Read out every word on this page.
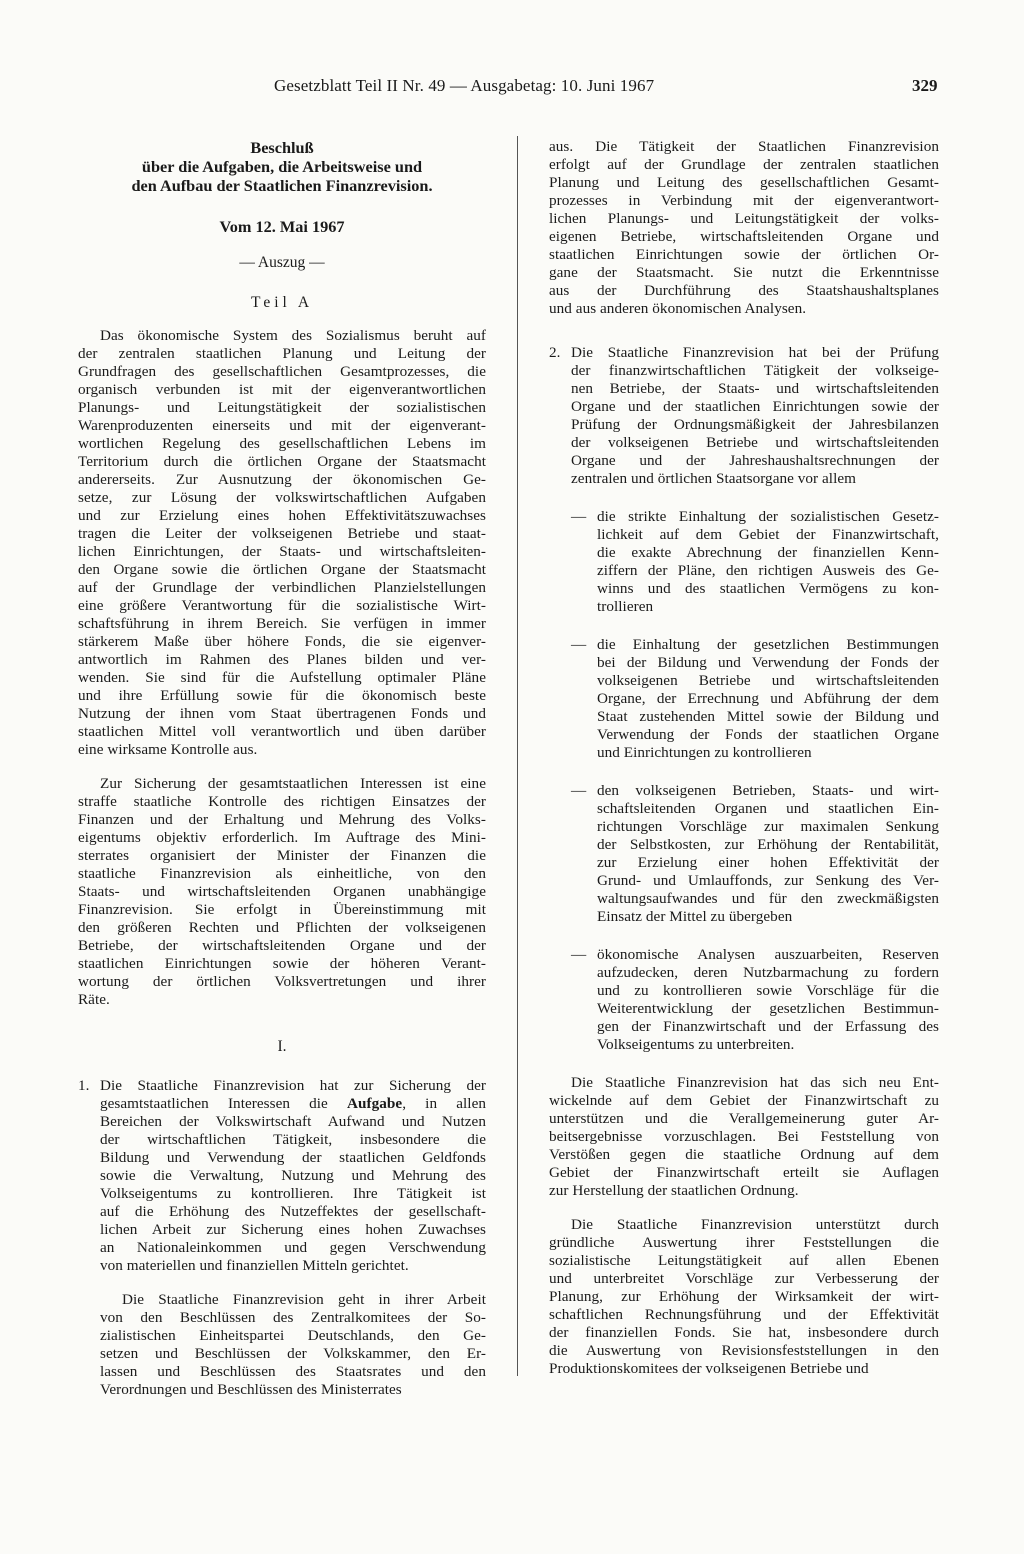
Gesetzblatt Teil II Nr. 49 — Ausgabetag: 10. Juni 1967	329
Beschluß
über die Aufgaben, die Arbeitsweise und
den Aufbau der Staatlichen Finanzrevision.
Vom 12. Mai 1967
— Auszug —
Teil A
Das ökonomische System des Sozialismus beruht auf
der zentralen staatlichen Planung und Leitung der
Grundfragen des gesellschaftlichen Gesamtprozesses, die
organisch verbunden ist mit der eigenverantwortlichen
Planungs- und Leitungstätigkeit der sozialistischen
Warenproduzenten einerseits und mit der eigenverant-
wortlichen Regelung des gesellschaftlichen Lebens im
Territorium durch die örtlichen Organe der Staatsmacht
andererseits. Zur Ausnutzung der ökonomischen Ge-
setze, zur Lösung der volkswirtschaftlichen Aufgaben
und zur Erzielung eines hohen Effektivitätszuwachses
tragen die Leiter der volkseigenen Betriebe und staat-
lichen Einrichtungen, der Staats- und wirtschaftsleiten-
den Organe sowie die örtlichen Organe der Staatsmacht
auf der Grundlage der verbindlichen Planzielstellungen
eine größere Verantwortung für die sozialistische Wirt-
schaftsführung in ihrem Bereich. Sie verfügen in immer
stärkerem Maße über höhere Fonds, die sie eigenver-
antwortlich im Rahmen des Planes bilden und ver-
wenden. Sie sind für die Aufstellung optimaler Pläne
und ihre Erfüllung sowie für die ökonomisch beste
Nutzung der ihnen vom Staat übertragenen Fonds und
staatlichen Mittel voll verantwortlich und üben darüber
eine wirksame Kontrolle aus.
Zur Sicherung der gesamtstaatlichen Interessen ist eine
straffe staatliche Kontrolle des richtigen Einsatzes der
Finanzen und der Erhaltung und Mehrung des Volks-
eigentums objektiv erforderlich. Im Auftrage des Mini-
sterrates organisiert der Minister der Finanzen die
staatliche Finanzrevision als einheitliche, von den
Staats- und wirtschaftsleitenden Organen unabhängige
Finanzrevision. Sie erfolgt in Übereinstimmung mit
den größeren Rechten und Pflichten der volkseigenen
Betriebe, der wirtschaftsleitenden Organe und der
staatlichen Einrichtungen sowie der höheren Verant-
wortung der örtlichen Volksvertretungen und ihrer
Räte.
I.
1. Die Staatliche Finanzrevision hat zur Sicherung der
gesamtstaatlichen Interessen die Aufgabe, in allen
Bereichen der Volkswirtschaft Aufwand und Nutzen
der wirtschaftlichen Tätigkeit, insbesondere die
Bildung und Verwendung der staatlichen Geldfonds
sowie die Verwaltung, Nutzung und Mehrung des
Volkseigentums zu kontrollieren. Ihre Tätigkeit ist
auf die Erhöhung des Nutzeffektes der gesellschaft-
lichen Arbeit zur Sicherung eines hohen Zuwachses
an Nationaleinkommen und gegen Verschwendung
von materiellen und finanziellen Mitteln gerichtet.
Die Staatliche Finanzrevision geht in ihrer Arbeit
von den Beschlüssen des Zentralkomitees der So-
zialistischen Einheitspartei Deutschlands, den Ge-
setzen und Beschlüssen der Volkskammer, den Er-
lassen und Beschlüssen des Staatsrates und den
Verordnungen und Beschlüssen des Ministerrates
aus. Die Tätigkeit der Staatlichen Finanzrevision
erfolgt auf der Grundlage der zentralen staatlichen
Planung und Leitung des gesellschaftlichen Gesamt-
prozesses in Verbindung mit der eigenverantwort-
lichen Planungs- und Leitungstätigkeit der volks-
eigenen Betriebe, wirtschaftsleitenden Organe und
staatlichen Einrichtungen sowie der örtlichen Or-
gane der Staatsmacht. Sie nutzt die Erkenntnisse
aus der Durchführung des Staatshaushaltsplanes
und aus anderen ökonomischen Analysen.
2. Die Staatliche Finanzrevision hat bei der Prüfung
der finanzwirtschaftlichen Tätigkeit der volkseige-
nen Betriebe, der Staats- und wirtschaftsleitenden
Organe und der staatlichen Einrichtungen sowie der
Prüfung der Ordnungsmäßigkeit der Jahresbilanzen
der volkseigenen Betriebe und wirtschaftsleitenden
Organe und der Jahreshaushaltsrechnungen der
zentralen und örtlichen Staatsorgane vor allem
— die strikte Einhaltung der sozialistischen Gesetz-
lichkeit auf dem Gebiet der Finanzwirtschaft,
die exakte Abrechnung der finanziellen Kenn-
ziffern der Pläne, den richtigen Ausweis des Ge-
winns und des staatlichen Vermögens zu kon-
trollieren
— die Einhaltung der gesetzlichen Bestimmungen
bei der Bildung und Verwendung der Fonds der
volkseigenen Betriebe und wirtschaftsleitenden
Organe, der Errechnung und Abführung der dem
Staat zustehenden Mittel sowie der Bildung und
Verwendung der Fonds der staatlichen Organe
und Einrichtungen zu kontrollieren
— den volkseigenen Betrieben, Staats- und wirt-
schaftsleitenden Organen und staatlichen Ein-
richtungen Vorschläge zur maximalen Senkung
der Selbstkosten, zur Erhöhung der Rentabilität,
zur Erzielung einer hohen Effektivität der
Grund- und Umlauffonds, zur Senkung des Ver-
waltungsaufwandes und für den zweckmäßigsten
Einsatz der Mittel zu übergeben
— ökonomische Analysen auszuarbeiten, Reserven
aufzudecken, deren Nutzbarmachung zu fordern
und zu kontrollieren sowie Vorschläge für die
Weiterentwicklung der gesetzlichen Bestimmun-
gen der Finanzwirtschaft und der Erfassung des
Volkseigentums zu unterbreiten.
Die Staatliche Finanzrevision hat das sich neu Ent-
wickelnde auf dem Gebiet der Finanzwirtschaft zu
unterstützen und die Verallgemeinerung guter Ar-
beitsergebnisse vorzuschlagen. Bei Feststellung von
Verstößen gegen die staatliche Ordnung auf dem
Gebiet der Finanzwirtschaft erteilt sie Auflagen
zur Herstellung der staatlichen Ordnung.
Die Staatliche Finanzrevision unterstützt durch
gründliche Auswertung ihrer Feststellungen die
sozialistische Leitungstätigkeit auf allen Ebenen
und unterbreitet Vorschläge zur Verbesserung der
Planung, zur Erhöhung der Wirksamkeit der wirt-
schaftlichen Rechnungsführung und der Effektivität
der finanziellen Fonds. Sie hat, insbesondere durch
die Auswertung von Revisionsfeststellungen in den
Produktionskomitees der volkseigenen Betriebe und
